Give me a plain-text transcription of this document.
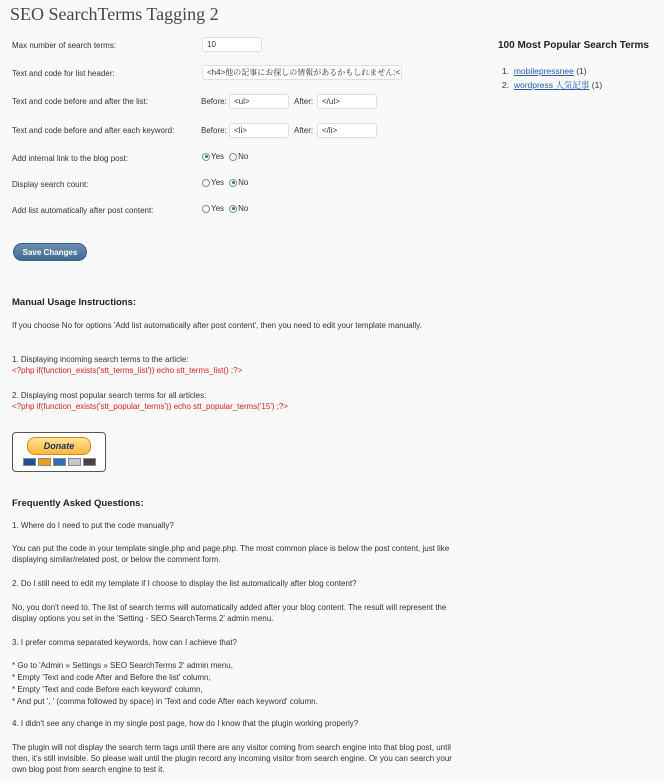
SEO SearchTerms Tagging 2
Max number of search terms:	10
Text and code for list header:	<h4>他の記事にお探しの情報があるかもしれません:<
Text and code before and after the list:	Before: <ul>	After:	</ul>
Text and code before and after each keyword:	Before: <li>	After:	</li>
Add internal link to the blog post:	Yes No
Display search count:	Yes No
Add list automatically after post content:	Yes No
Save Changes
Manual Usage Instructions:
If you choose No for options 'Add list automatically after post content', then you need to edit your template manually.
1. Displaying incoming search terms to the article:
<?php if(function_exists('stt_terms_list')) echo stt_terms_list() ;?>
2. Displaying most popular search terms for all articles:
<?php if(function_exists('stt_popular_terms')) echo stt_popular_terms('15') ;?>
Donate
Frequently Asked Questions:
1. Where do I need to put the code manually?
You can put the code in your template single.php and page.php. The most common place is below the post content, just like displaying similar/related post, or below the comment form.
2. Do I still need to edit my template if I choose to display the list automatically after blog content?
No, you don't need to. The list of search terms will automatically added after your blog content. The result will represent the display options you set in the 'Setting - SEO SearchTerms 2' admin menu.
3. I prefer comma separated keywords, how can I achieve that?
* Go to 'Admin » Settings » SEO SearchTerms 2' admin menu,
* Empty 'Text and code After and Before the list' column,
* Empty 'Text and code Before each keyword' column,
* And put ', ' (comma followed by space) in 'Text and code After each keyword' column.
4. I didn't see any change in my single post page, how do I know that the plugin working properly?
The plugin will not display the search term tags until there are any visitor coming from search engine into that blog post, until then, it's still invisible. So please wait until the plugin record any incoming visitor from search engine. Or you can search your own blog post from search engine to test it.
100 Most Popular Search Terms
1. mobilepressnee (1)
2. wordpress 人気記事 (1)
